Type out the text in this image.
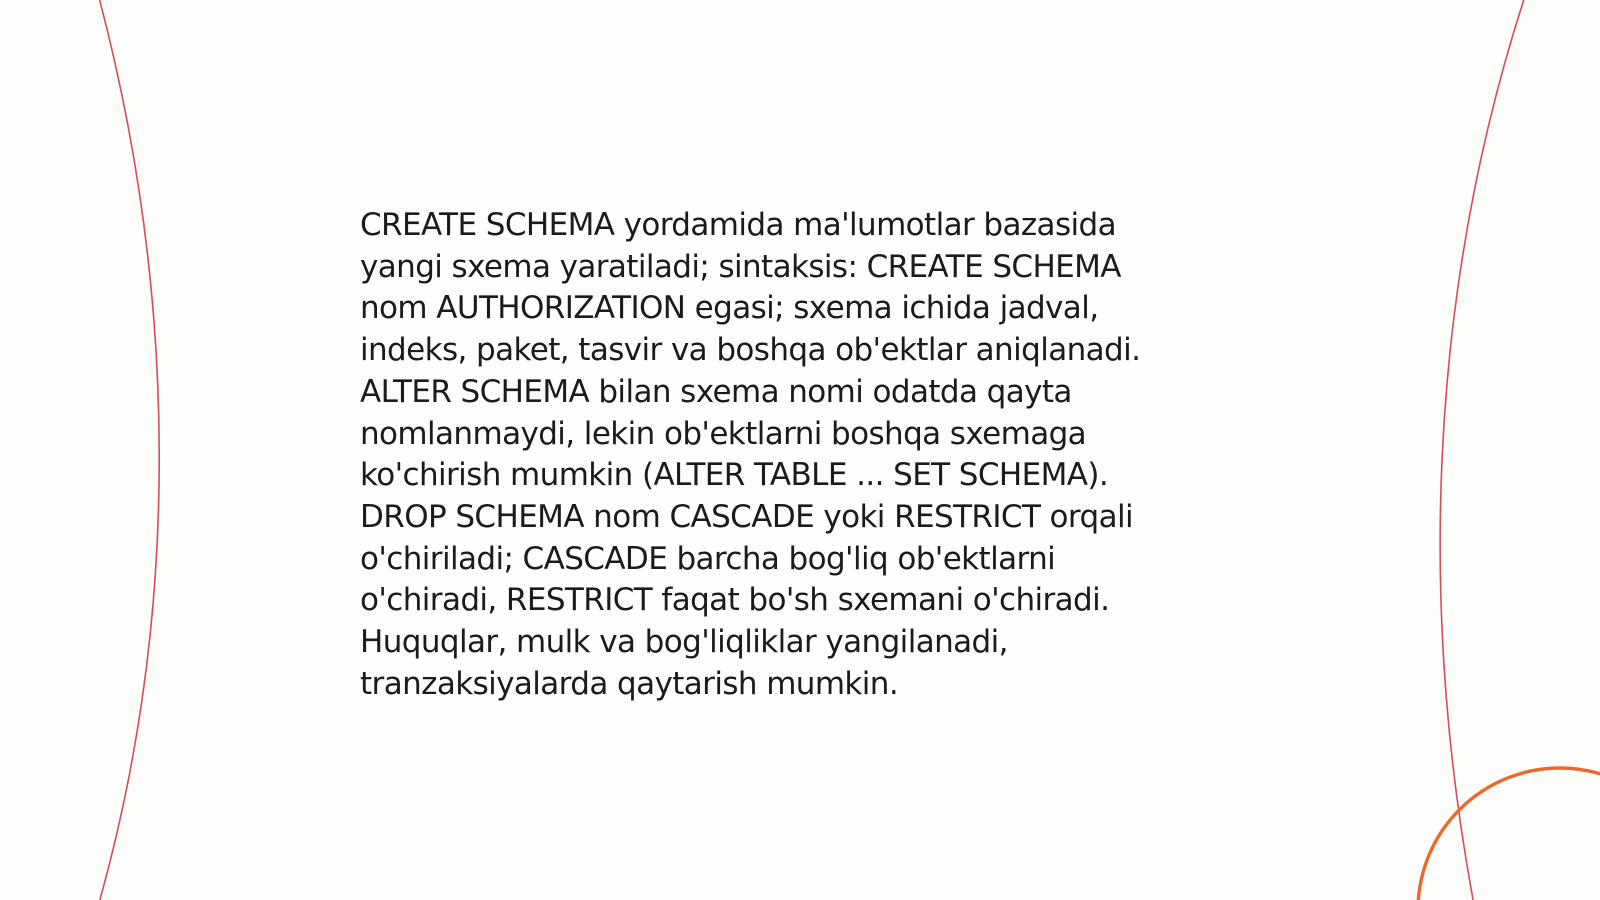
CREATE SCHEMA yordamida ma'lumotlar bazasida
yangi sxema yaratiladi; sintaksis: CREATE SCHEMA
nom AUTHORIZATION egasi; sxema ichida jadval,
indeks, paket, tasvir va boshqa ob'ektlar aniqlanadi.
ALTER SCHEMA bilan sxema nomi odatda qayta
nomlanmaydi, lekin ob'ektlarni boshqa sxemaga
ko'chirish mumkin (ALTER TABLE ... SET SCHEMA).
DROP SCHEMA nom CASCADE yoki RESTRICT orqali
o'chiriladi; CASCADE barcha bog'liq ob'ektlarni
o'chiradi, RESTRICT faqat bo'sh sxemani o'chiradi.
Huquqlar, mulk va bog'liqliklar yangilanadi,
tranzaksiyalarda qaytarish mumkin.
